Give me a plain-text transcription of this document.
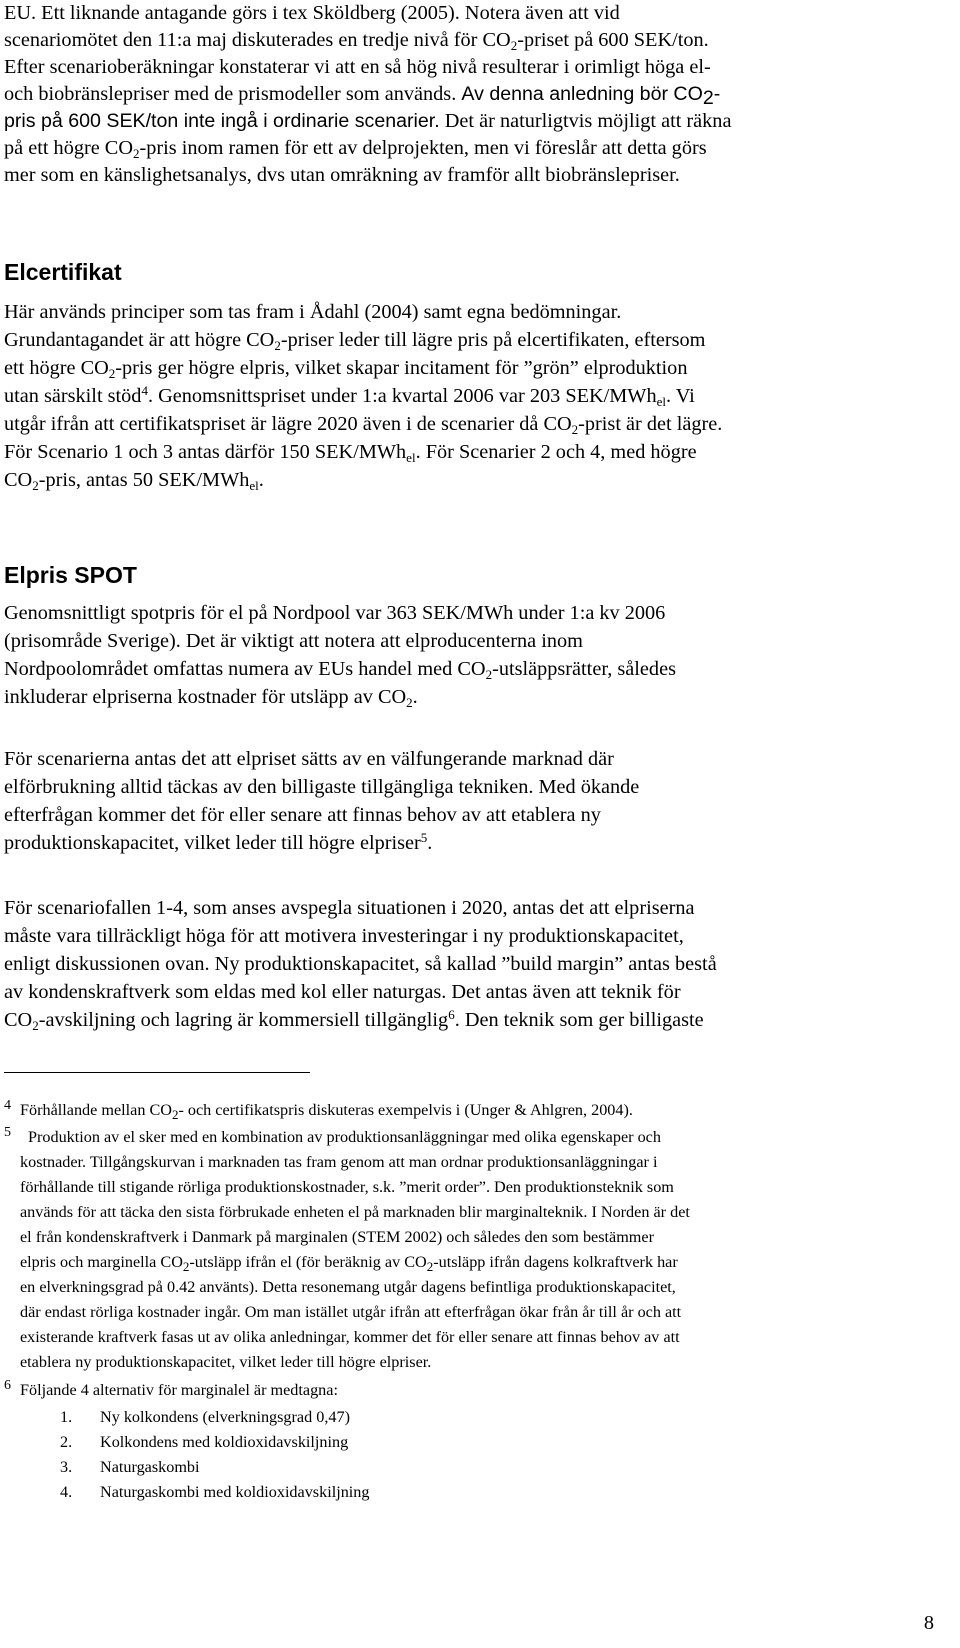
EU. Ett liknande antagande görs i tex Sköldberg (2005). Notera även att vid

scenariomötet den 11:a maj diskuterades en tredje nivå för $CO_2$-priset på 600 SEK/ton.

Efter scenarioberäkningar konstaterar vi att en så hög nivå resulterar i orimligt höga el-

och biobränslepriser med de prismodeller som används. Av denna anledning bör $CO_2-$

pris på 600 SEK/ton inte ingå i ordinarie scenarier. Det är naturligtvis möjligt att räkna

på ett högre $CO_2$-pris inom ramen för ett av delprojekten, men vi föreslår att detta görs

mer som en känslighetsanalys, dvs utan omräkning av framför allt biobränslepriser.

Elcertifikat

Här används principer som tas fram i Ådahl (2004) samt egna bedömningar.

Grundantagandet är att högre $CO_2$-priser leder till lägre pris på elcertifikaten, eftersom

ett högre $CO_2$-pris ger högre elpris, vilket skapar incitament för ”grön” elproduktion

utan särskilt stöd$^4$. Genomsnittspriset under 1:a kvartal 2006 var 203 SEK/MWh$_{el}$. Vi

utgår ifrån att certifikatspriset är lägre 2020 även i de scenarier då $CO_2$-prist är det lägre.

För Scenario 1 och 3 antas därför 150 SEK/MWh$_{el}$. För Scenarier 2 och 4, med högre

$CO_2$-pris, antas 50 SEK/MWh$_{el}$.

Elpris SPOT

Genomsnittligt spotpris för el på Nordpool var 363 SEK/MWh under 1:a kv 2006

(prisområde Sverige). Det är viktigt att notera att elproducenterna inom

Nordpoolområdet omfattas numera av EUs handel med $CO_2$-utsläppsrätter, således

inkluderar elpriserna kostnader för utsläpp av $CO_2$.

För scenarierna antas det att elpriset sätts av en välfungerande marknad där

elförbrukning alltid täckas av den billigaste tillgängliga tekniken. Med ökande

efterfrågan kommer det för eller senare att finnas behov av att etablera ny

produktionskapacitet, vilket leder till högre elpriser$^5$.

För scenariofallen 1-4, som anses avspegla situationen i 2020, antas det att elpriserna

måste vara tillräckligt höga för att motivera investeringar i ny produktionskapacitet,

enligt diskussionen ovan. Ny produktionskapacitet, så kallad ”build margin” antas bestå

av kondenskraftverk som eldas med kol eller naturgas. Det antas även att teknik för

$CO_2$-avskiljning och lagring är kommersiell tillgänglig$^6$. Den teknik som ger billigaste

4 Förhållande mellan $CO_2-$ och certifikatspris diskuteras exempelvis i (Unger & Ahlgren, 2004).
5	Produktion av el sker med en kombination av produktionsanläggningar med olika egenskaper och

kostnader. Tillgångskurvan i marknaden tas fram genom att man ordnar produktionsanläggningar i

förhållande till stigande rörliga produktionskostnader, s.k. ”merit order”. Den produktionsteknik som

används för att täcka den sista förbrukade enheten el på marknaden blir marginalteknik. I Norden är det

el från kondenskraftverk i Danmark på marginalen (STEM 2002) och således den som bestämmer

elpris och marginella $CO_2$-utsläpp ifrån el (för beräknig av $CO_2$-utsläpp ifrån dagens kolkraftverk har

en elverkningsgrad på 0.42 använts). Detta resonemang utgår dagens befintliga produktionskapacitet,

där endast rörliga kostnader ingår. Om man istället utgår ifrån att efterfrågan ökar från år till år och att

existerande kraftverk fasas ut av olika anledningar, kommer det för eller senare att finnas behov av att

etablera ny produktionskapacitet, vilket leder till högre elpriser.

6 Följande 4 alternativ för marginalel är medtagna:
1. Ny kolkondens (elverkningsgrad 0,47)
2. Kolkondens med koldioxidavskiljning
3. Naturgaskombi
4. Naturgaskombi med koldioxidavskiljning
8
